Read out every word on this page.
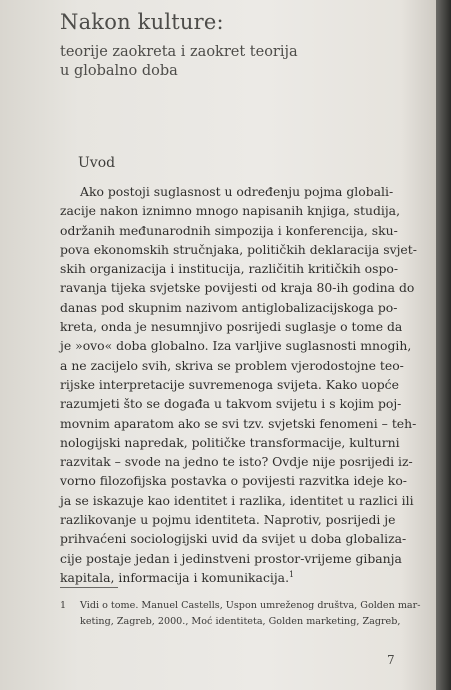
Nakon kulture:
teorije zaokreta i zaokret teorija
u globalno doba
Uvod
Ako postoji suglasnost u određenju pojma globali-
zacije nakon iznimno mnogo napisanih knjiga, studija,
održanih međunarodnih simpozija i konferencija, sku-
pova ekonomskih stručnjaka, političkih deklaracija svjet-
skih organizacija i institucija, različitih kritičkih ospo-
ravanja tijeka svjetske povijesti od kraja 80-ih godina do
danas pod skupnim nazivom antiglobalizacijskoga po-
kreta, onda je nesumnjivo posrijedi suglasje o tome da
je »ovo« doba globalno. Iza varljive suglasnosti mnogih,
a ne zacijelo svih, skriva se problem vjerodostojne teo-
rijske interpretacije suvremenoga svijeta. Kako uopće
razumjeti što se događa u takvom svijetu i s kojim poj-
movnim aparatom ako se svi tzv. svjetski fenomeni – teh-
nologijski napredak, političke transformacije, kulturni
razvitak – svode na jedno te isto? Ovdje nije posrijedi iz-
vorno filozofijska postavka o povijesti razvitka ideje ko-
ja se iskazuje kao identitet i razlika, identitet u razlici ili
razlikovanje u pojmu identiteta. Naprotiv, posrijedi je
prihvaćeni sociologijski uvid da svijet u doba globaliza-
cije postaje jedan i jedinstveni prostor-vrijeme gibanja
kapitala, informacija i komunikacija.$^1$
1 Vidi o tome. Manuel Castells, Uspon umreženog društva, Golden mar-
keting, Zagreb, 2000., Moć identiteta, Golden marketing, Zagreb,
7
